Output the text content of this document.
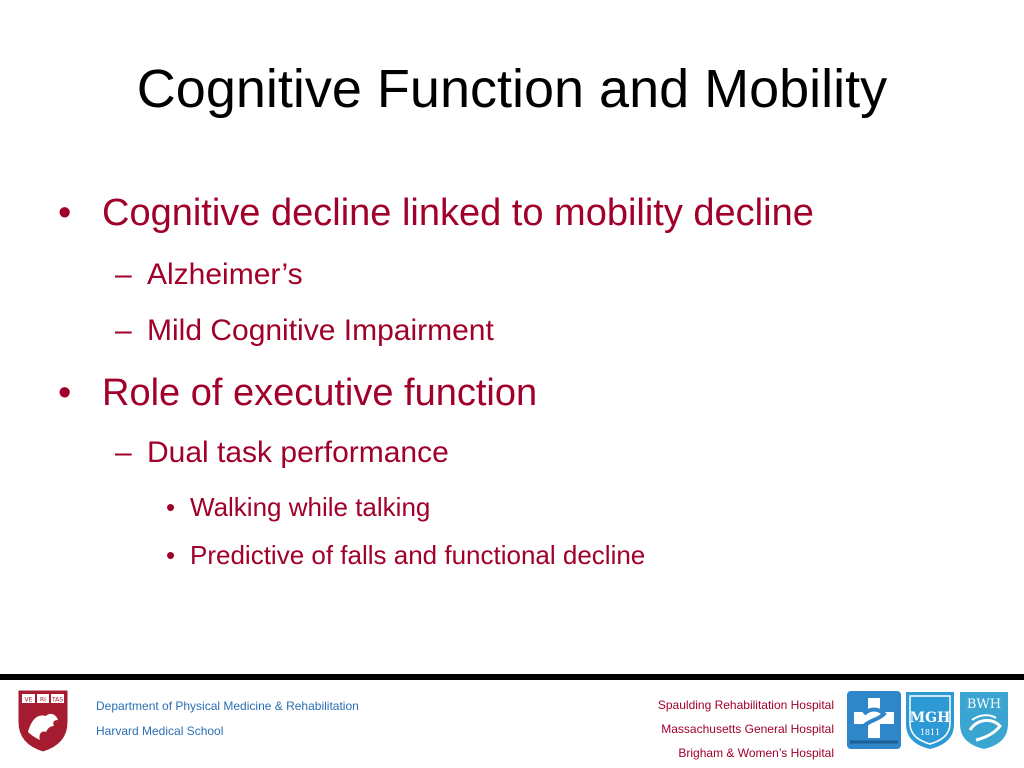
Cognitive Function and Mobility
• Cognitive decline linked to mobility decline
– Alzheimer’s
– Mild Cognitive Impairment
• Role of executive function
– Dual task performance
• Walking while talking
• Predictive of falls and functional decline
VE RI TAS	Department of Physical Medicine & Rehabilitation
Harvard Medical School
Spaulding Rehabilitation Hospital
Massachusetts General Hospital
Brigham & Women’s Hospital
MGH
1811
BWH
